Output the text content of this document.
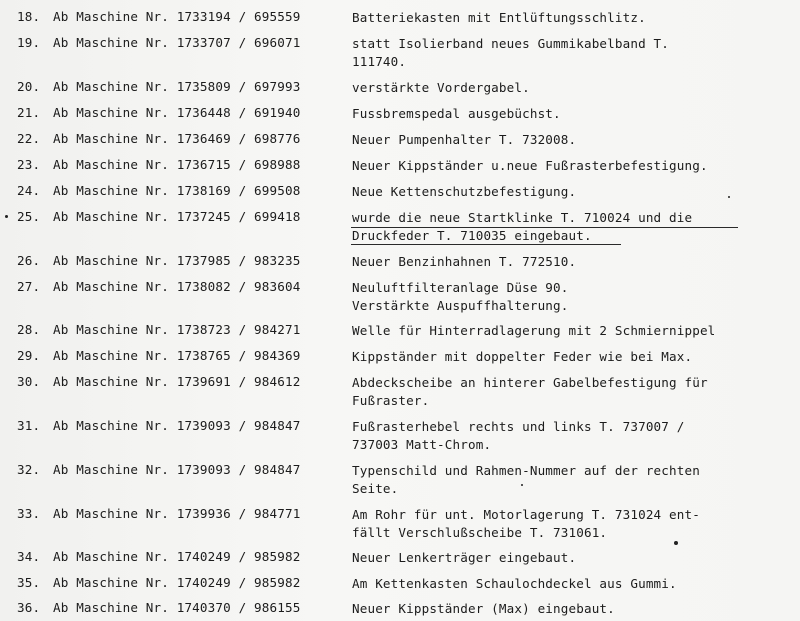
18.	Ab Maschine Nr. 1733194 / 695559	Batteriekasten mit Entlüftungsschlitz.
19.	Ab Maschine Nr. 1733707 / 696071	statt Isolierband neues Gummikabelband T.
111740.
20.	Ab Maschine Nr. 1735809 / 697993	verstärkte Vordergabel.
21.	Ab Maschine Nr. 1736448 / 691940	Fussbremspedal ausgebüchst.
22.	Ab Maschine Nr. 1736469 / 698776	Neuer Pumpenhalter T. 732008.
23.	Ab Maschine Nr. 1736715 / 698988	Neuer Kippständer u.neue Fußrasterbefestigung.
24.	Ab Maschine Nr. 1738169 / 699508	Neue Kettenschutzbefestigung.
25.	Ab Maschine Nr. 1737245 / 699418	wurde die neue Startklinke T. 710024 und die
Druckfeder T. 710035 eingebaut.
26.	Ab Maschine Nr. 1737985 / 983235	Neuer Benzinhahnen T. 772510.
27.	Ab Maschine Nr. 1738082 / 983604	Neuluftfilteranlage Düse 90.
Verstärkte Auspuffhalterung.
28.	Ab Maschine Nr. 1738723 / 984271	Welle für Hinterradlagerung mit 2 Schmiernippel
29.	Ab Maschine Nr. 1738765 / 984369	Kippständer mit doppelter Feder wie bei Max.
30.	Ab Maschine Nr. 1739691 / 984612	Abdeckscheibe an hinterer Gabelbefestigung für
Fußraster.
31.	Ab Maschine Nr. 1739093 / 984847	Fußrasterhebel rechts und links T. 737007 /
737003 Matt-Chrom.
32.	Ab Maschine Nr. 1739093 / 984847	Typenschild und Rahmen-Nummer auf der rechten
Seite.
33.	Ab Maschine Nr. 1739936 / 984771	Am Rohr für unt. Motorlagerung T. 731024 ent-
fällt Verschlußscheibe T. 731061.
34.	Ab Maschine Nr. 1740249 / 985982	Neuer Lenkerträger eingebaut.
35.	Ab Maschine Nr. 1740249 / 985982	Am Kettenkasten Schaulochdeckel aus Gummi.
36.	Ab Maschine Nr. 1740370 / 986155	Neuer Kippständer (Max) eingebaut.
